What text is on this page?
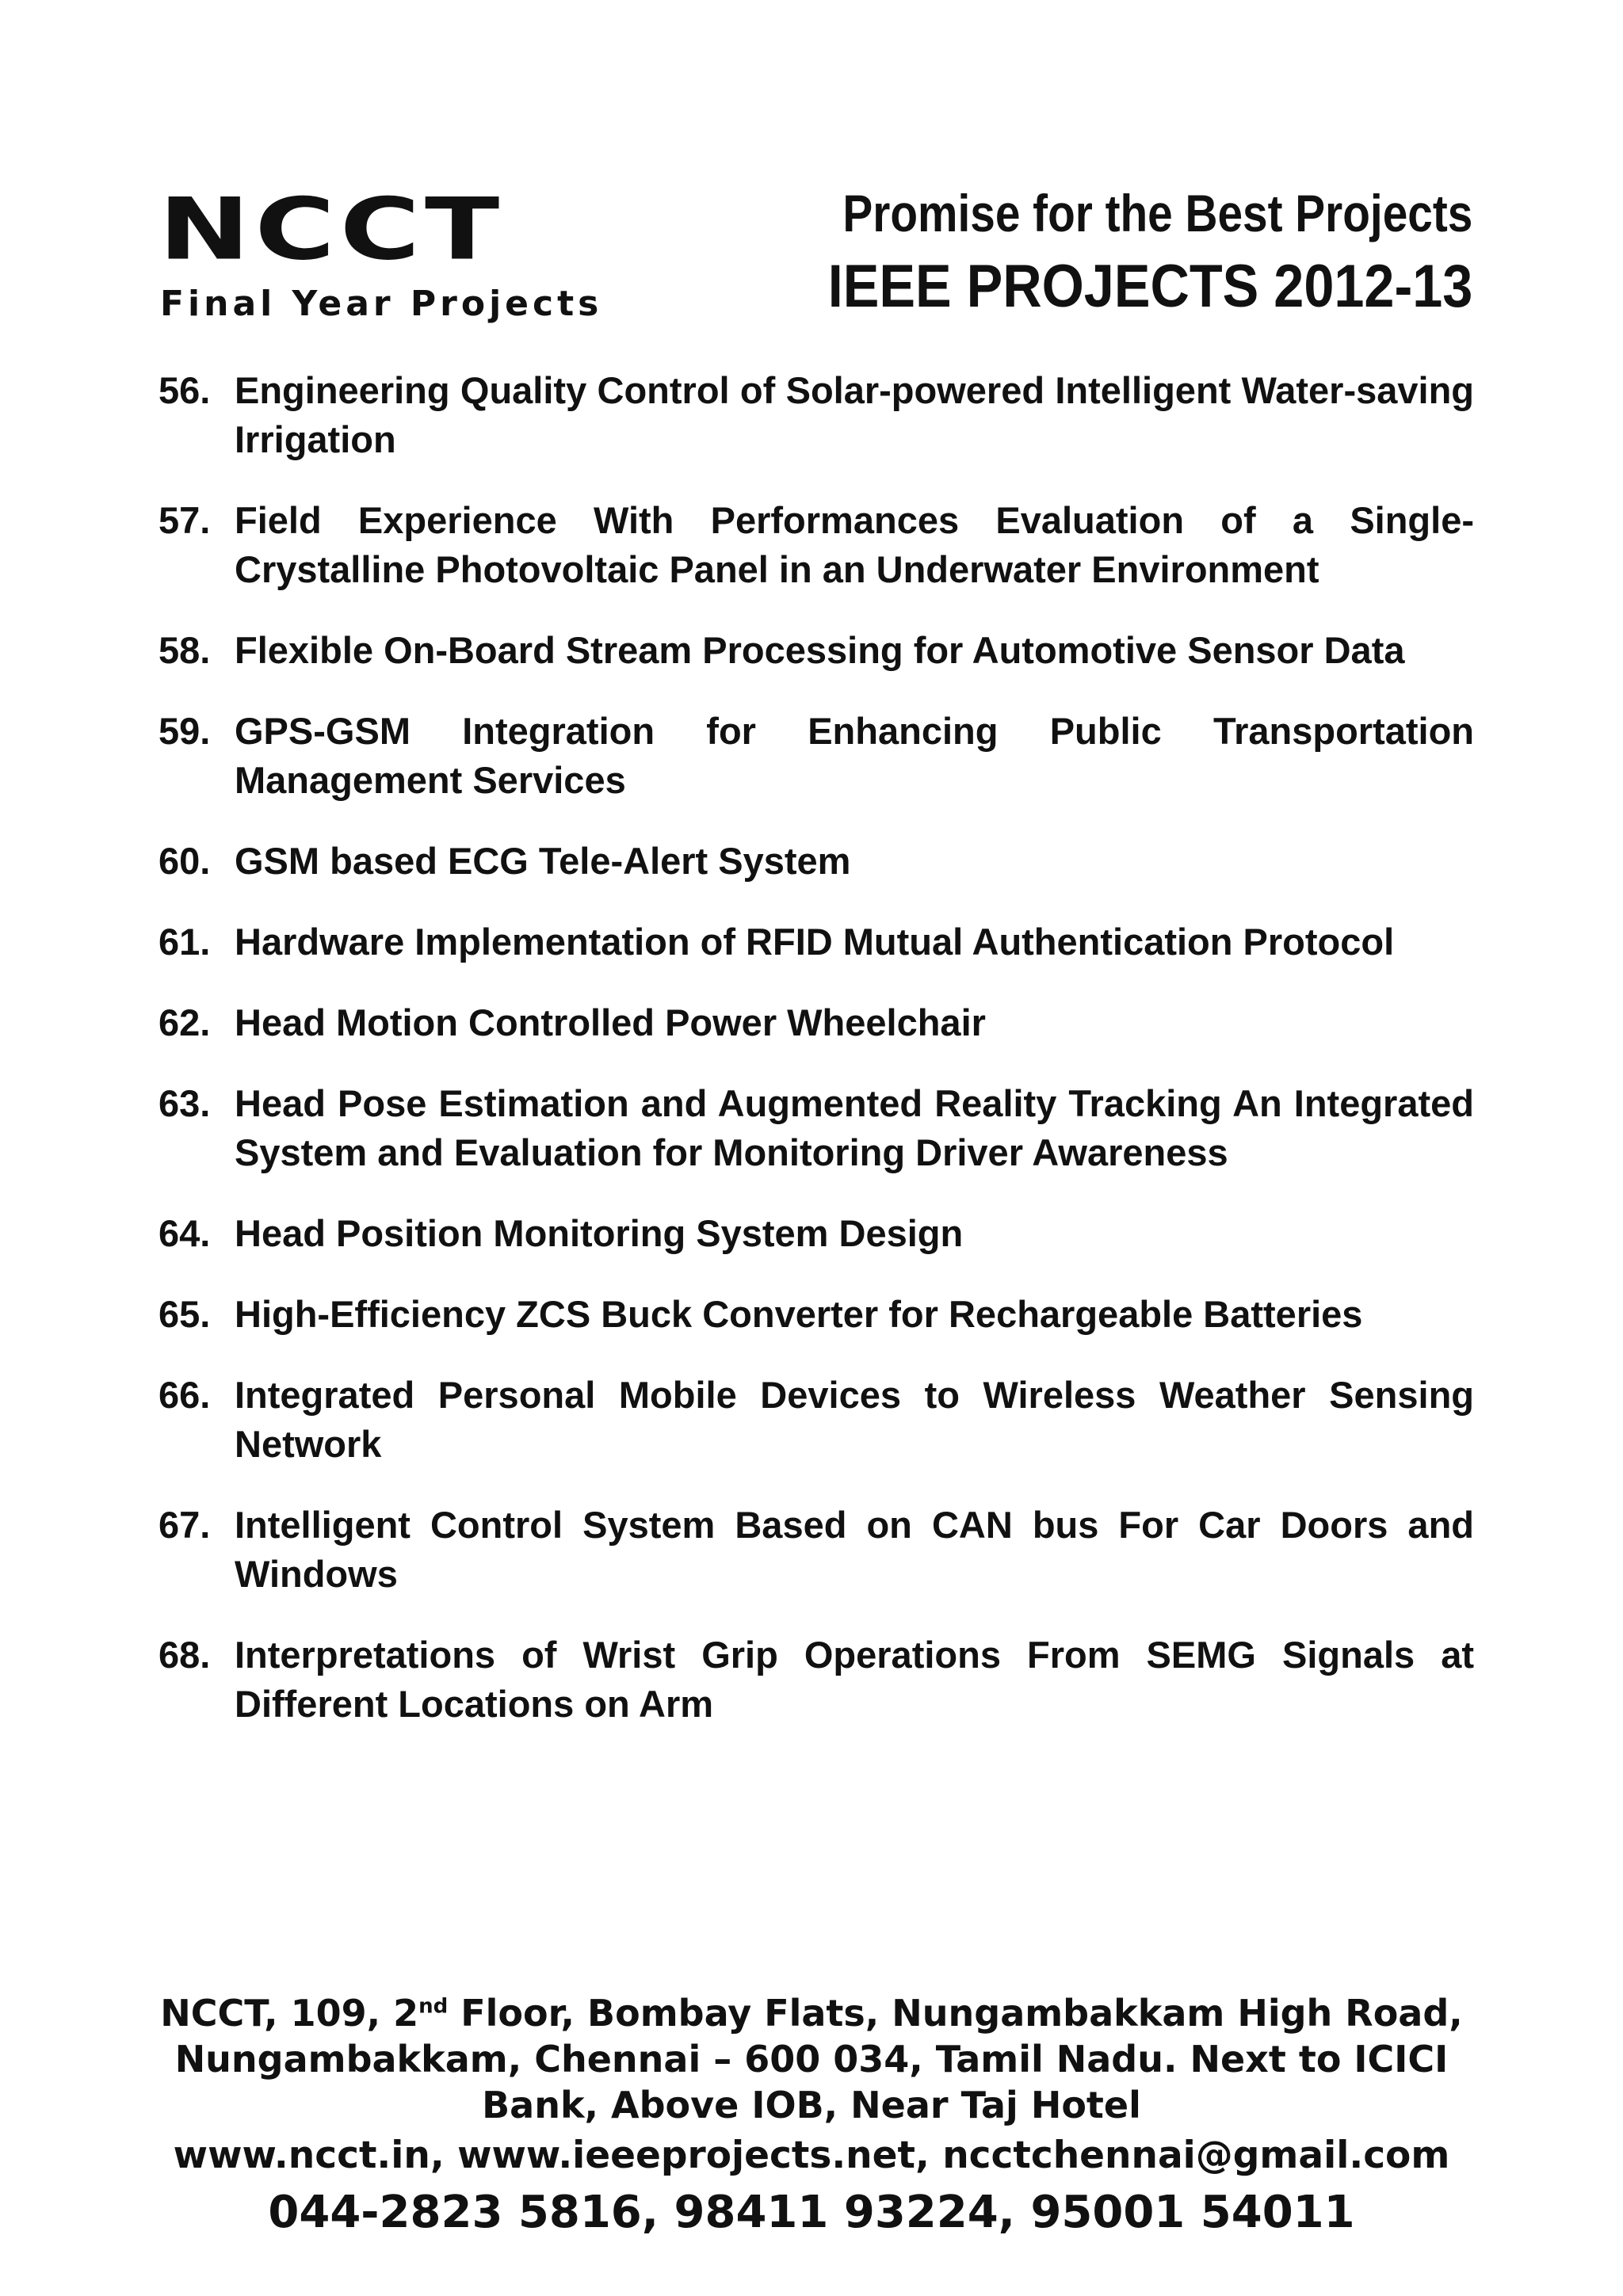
NCCT
Final Year Projects
Promise for the Best Projects
IEEE PROJECTS 2012-13
56. Engineering Quality Control of Solar-powered Intelligent Water-saving Irrigation
57. Field Experience With Performances Evaluation of a Single-Crystalline Photovoltaic Panel in an Underwater Environment
58. Flexible On-Board Stream Processing for Automotive Sensor Data
59. GPS-GSM Integration for Enhancing Public Transportation Management Services
60. GSM based ECG Tele-Alert System
61. Hardware Implementation of RFID Mutual Authentication Protocol
62. Head Motion Controlled Power Wheelchair
63. Head Pose Estimation and Augmented Reality Tracking An Integrated System and Evaluation for Monitoring Driver Awareness
64. Head Position Monitoring System Design
65. High-Efficiency ZCS Buck Converter for Rechargeable Batteries
66. Integrated Personal Mobile Devices to Wireless Weather Sensing Network
67. Intelligent Control System Based on CAN bus For Car Doors and Windows
68. Interpretations of Wrist Grip Operations From SEMG Signals at Different Locations on Arm
NCCT, 109, 2nd Floor, Bombay Flats, Nungambakkam High Road, Nungambakkam, Chennai – 600 034, Tamil Nadu. Next to ICICI Bank, Above IOB, Near Taj Hotel
www.ncct.in, www.ieeeprojects.net, ncctchennai@gmail.com
044-2823 5816, 98411 93224, 95001 54011
